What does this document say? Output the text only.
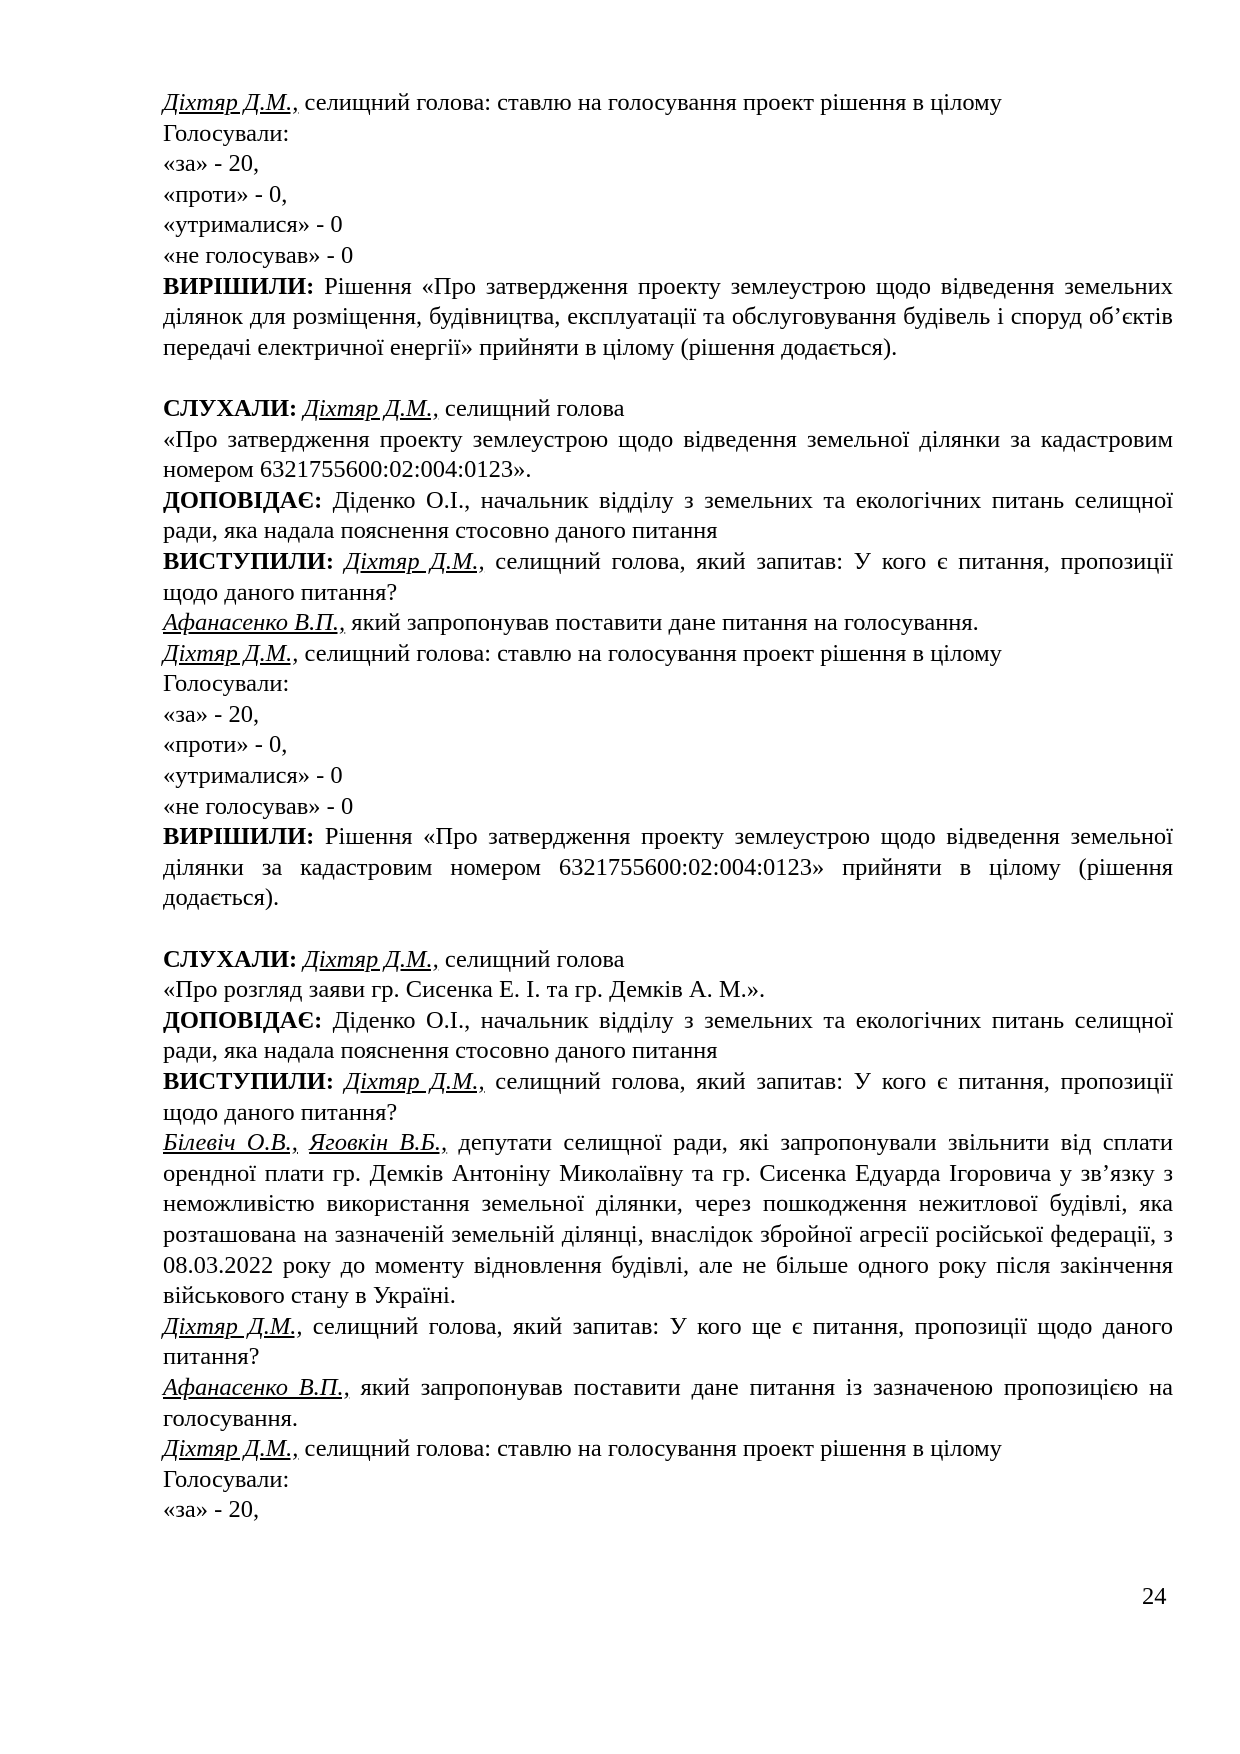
Діхтяр Д.М., селищний голова: ставлю на голосування проект рішення в цілому
Голосували:
«за» - 20,
«проти» - 0,
«утрималися» - 0
«не голосував» - 0
ВИРІШИЛИ: Рішення «Про затвердження проекту землеустрою щодо відведення земельних ділянок для розміщення, будівництва, експлуатації та обслуговування будівель і споруд об’єктів передачі електричної енергії» прийняти в цілому (рішення додається).
СЛУХАЛИ: Діхтяр Д.М., селищний голова
«Про затвердження проекту землеустрою щодо відведення земельної ділянки за кадастровим номером 6321755600:02:004:0123».
ДОПОВІДАЄ: Діденко О.І., начальник відділу з земельних та екологічних питань селищної ради, яка надала пояснення стосовно даного питання
ВИСТУПИЛИ: Діхтяр Д.М., селищний голова, який запитав: У кого є питання, пропозиції щодо даного питання?
Афанасенко В.П., який запропонував поставити дане питання на голосування.
Діхтяр Д.М., селищний голова: ставлю на голосування проект рішення в цілому
Голосували:
«за» - 20,
«проти» - 0,
«утрималися» - 0
«не голосував» - 0
ВИРІШИЛИ: Рішення «Про затвердження проекту землеустрою щодо відведення земельної ділянки за кадастровим номером 6321755600:02:004:0123» прийняти в цілому (рішення додається).
СЛУХАЛИ: Діхтяр Д.М., селищний голова
«Про розгляд заяви гр. Сисенка Е. І. та гр. Демків А. М.».
ДОПОВІДАЄ: Діденко О.І., начальник відділу з земельних та екологічних питань селищної ради, яка надала пояснення стосовно даного питання
ВИСТУПИЛИ: Діхтяр Д.М., селищний голова, який запитав: У кого є питання, пропозиції щодо даного питання?
Білевіч О.В., Яговкін В.Б., депутати селищної ради, які запропонували звільнити від сплати орендної плати гр. Демків Антоніну Миколаївну та гр. Сисенка Едуарда Ігоровича у зв’язку з неможливістю використання земельної ділянки, через пошкодження нежитлової будівлі, яка розташована на зазначеній земельній ділянці, внаслідок збройної агресії російської федерації, з 08.03.2022 року до моменту відновлення будівлі, але не більше одного року після закінчення військового стану в Україні.
Діхтяр Д.М., селищний голова, який запитав: У кого ще є питання, пропозиції щодо даного питання?
Афанасенко В.П., який запропонував поставити дане питання із зазначеною пропозицією на голосування.
Діхтяр Д.М., селищний голова: ставлю на голосування проект рішення в цілому
Голосували:
«за» - 20,
24
